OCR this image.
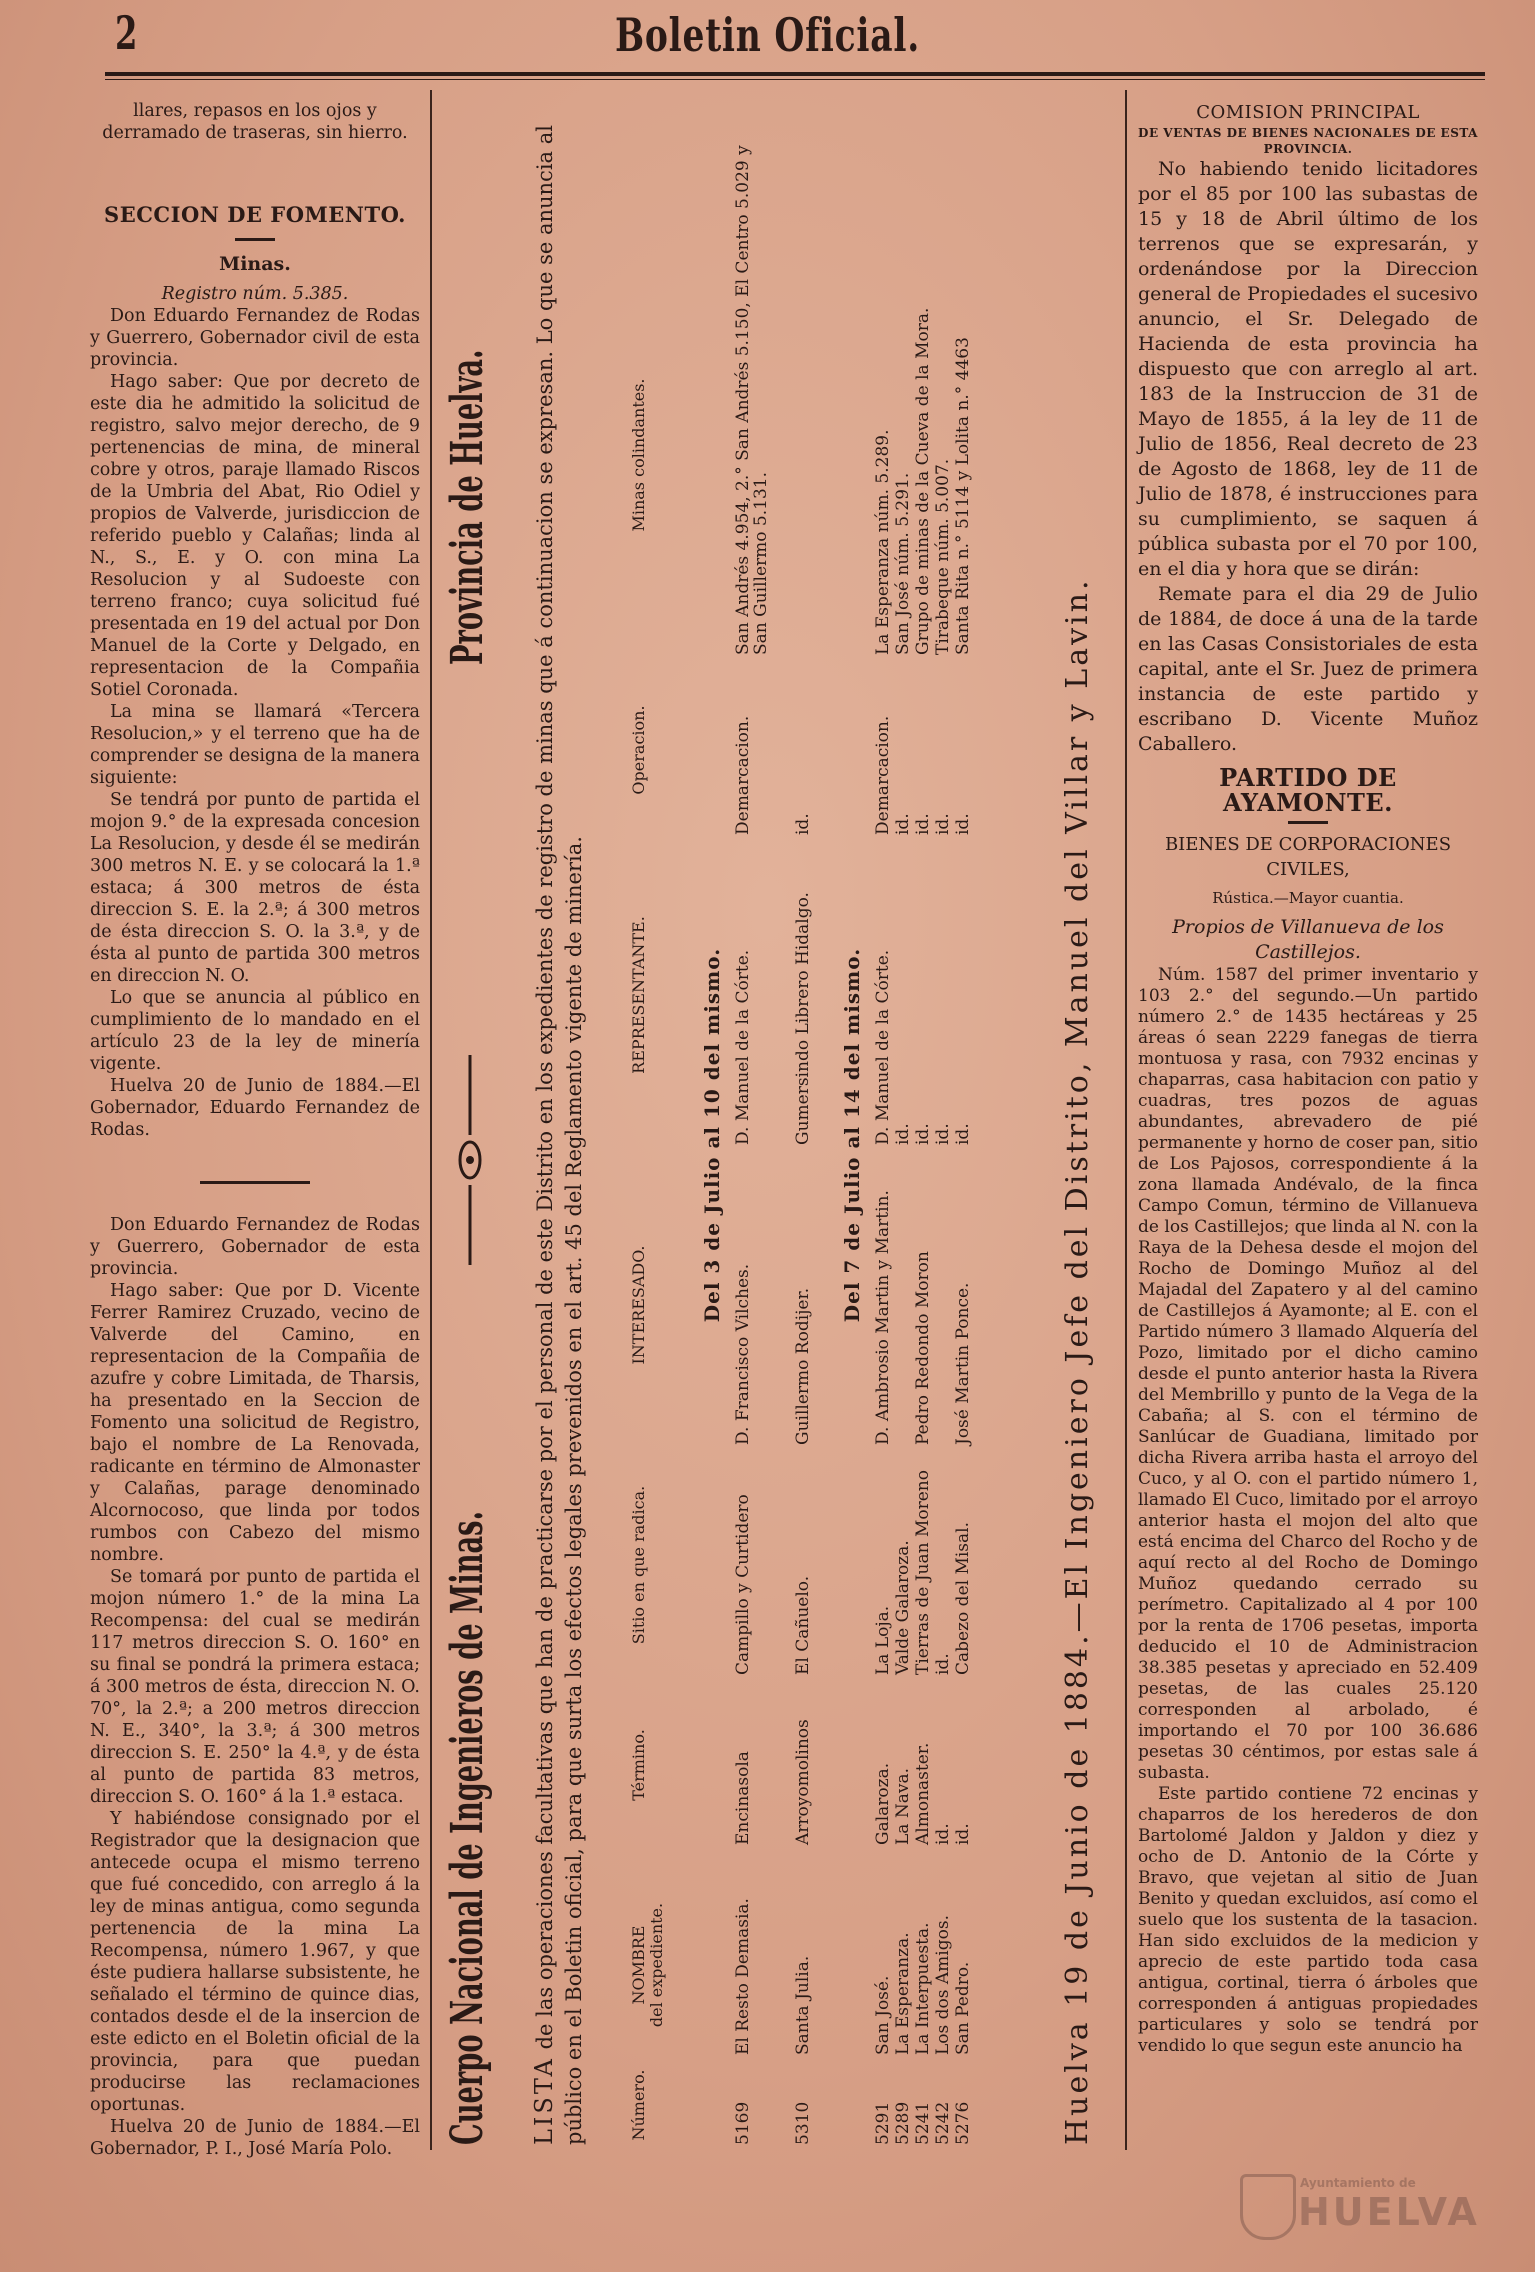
2	Boletin Oficial.

llares, repasos en los ojos y derramado de traseras, sin hierro.

SECCION DE FOMENTO.
Minas.
Registro núm. 5.385.

Don Eduardo Fernandez de Rodas y Guerrero, Gobernador civil de esta provincia.

Hago saber: Que por decreto de este dia he admitido la solicitud de registro, salvo mejor derecho, de 9 pertenencias de mina, de mineral cobre y otros, paraje llamado Riscos de la Umbria del Abat, Rio Odiel y propios de Valverde, jurisdiccion de referido pueblo y Calañas; linda al N., S., E. y O. con mina La Resolucion y al Sudoeste con terreno franco; cuya solicitud fué presentada en 19 del actual por Don Manuel de la Corte y Delgado, en representacion de la Compañia Sotiel Coronada.

La mina se llamará «Tercera Resolucion,» y el terreno que ha de comprender se designa de la manera siguiente:

Se tendrá por punto de partida el mojon 9.° de la expresada concesion La Resolucion, y desde él se medirán 300 metros N. E. y se colocará la 1.ª estaca; á 300 metros de ésta direccion S. E. la 2.ª; á 300 metros de ésta direccion S. O. la 3.ª, y de ésta al punto de partida 300 metros en direccion N. O.

Lo que se anuncia al público en cumplimiento de lo mandado en el artículo 23 de la ley de minería vigente.

Huelva 20 de Junio de 1884.—El Gobernador, Eduardo Fernandez de Rodas.

Don Eduardo Fernandez de Rodas y Guerrero, Gobernador de esta provincia.

Hago saber: Que por D. Vicente Ferrer Ramirez Cruzado, vecino de Valverde del Camino, en representacion de la Compañia de azufre y cobre Limitada, de Tharsis, ha presentado en la Seccion de Fomento una solicitud de Registro, bajo el nombre de La Renovada, radicante en término de Almonaster y Calañas, parage denominado Alcornocoso, que linda por todos rumbos con Cabezo del mismo nombre.

Se tomará por punto de partida el mojon número 1.° de la mina La Recompensa: del cual se medirán 117 metros direccion S. O. 160° en su final se pondrá la primera estaca; á 300 metros de ésta, direccion N. O. 70°, la 2.ª; a 200 metros direccion N. E., 340°, la 3.ª; á 300 metros direccion S. E. 250° la 4.ª, y de ésta al punto de partida 83 metros, direccion S. O. 160° á la 1.ª estaca.

Y habiéndose consignado por el Registrador que la designacion que antecede ocupa el mismo terreno que fué concedido, con arreglo á la ley de minas antigua, como segunda pertenencia de la mina La Recompensa, número 1.967, y que éste pudiera hallarse subsistente, he señalado el término de quince dias, contados desde el de la insercion de este edicto en el Boletin oficial de la provincia, para que puedan producirse las reclamaciones oportunas.

Huelva 20 de Junio de 1884.—El Gobernador, P. I., José María Polo.

Cuerpo Nacional de Ingenieros de Minas.
Provincia de Huelva.
LISTA de las operaciones facultativas que han de practicarse por el personal de este Distrito en los expedientes de registro de minas que á continuacion se expresan. Lo que se anuncia al público en el Boletin oficial, para que surta los efectos legales prevenidos en el art. 45 del Reglamento vigente de minería.	Número.
NOMBRE
del expediente.
Término.
Sitio en que radica.
INTERESADO.
REPRESENTANTE.
Operacion.
Minas colindantes.
Del 3 de Julio al 10 del mismo.
5169
El Resto Demasia.
Encinasola
Campillo y Curtidero
D. Francisco Vilches.
D. Manuel de la Córte.
Demarcacion.
San Andrés 4.954, 2.° San Andrés 5.150, El Centro 5.029 y San Guillermo 5.131.
5310
Santa Julia.
Arroyomolinos
El Cañuelo.
Guillermo Rodijer.
Gumersindo Librero Hidalgo.
id.
Del 7 de Julio al 14 del mismo.
5291
San José.
Galaroza.
La Loja.
D. Ambrosio Martin y Martin.
D. Manuel de la Córte.
Demarcacion.
La Esperanza núm. 5.289.
5289
La Esperanza.
La Nava.
Valde Galaroza.
id.
id.
San José núm. 5.291.
5241
La Interpuesta.
Almonaster.
Tierras de Juan Moreno
Pedro Redondo Moron
id.
id.
Grupo de minas de la Cueva de la Mora.
5242
Los dos Amigos.
id.
id.
id.
id.
Tirabeque núm. 5.007.
5276
San Pedro.
id.
Cabezo del Misal.
José Martin Ponce.
id.
id.
Santa Rita n.° 5114 y Lolita n.° 4463
Huelva 19 de Junio de 1884.—El Ingeniero Jefe del Distrito, Manuel del Villar y Lavin.
COMISION PRINCIPAL
DE VENTAS DE BIENES NACIONALES DE ESTA PROVINCIA.

No habiendo tenido licitadores por el 85 por 100 las subastas de 15 y 18 de Abril último de los terrenos que se expresarán, y ordenándose por la Direccion general de Propiedades el sucesivo anuncio, el Sr. Delegado de Hacienda de esta provincia ha dispuesto que con arreglo al art. 183 de la Instruccion de 31 de Mayo de 1855, á la ley de 11 de Julio de 1856, Real decreto de 23 de Agosto de 1868, ley de 11 de Julio de 1878, é instrucciones para su cumplimiento, se saquen á pública subasta por el 70 por 100, en el dia y hora que se dirán:

Remate para el dia 29 de Julio de 1884, de doce á una de la tarde en las Casas Consistoriales de esta capital, ante el Sr. Juez de primera instancia de este partido y escribano D. Vicente Muñoz Caballero.

PARTIDO DE AYAMONTE.
BIENES DE CORPORACIONES CIVILES,
Rústica.—Mayor cuantia.
Propios de Villanueva de los Castillejos.

Núm. 1587 del primer inventario y 103 2.° del segundo.—Un partido número 2.° de 1435 hectáreas y 25 áreas ó sean 2229 fanegas de tierra montuosa y rasa, con 7932 encinas y chaparras, casa habitacion con patio y cuadras, tres pozos de aguas abundantes, abrevadero de pié permanente y horno de coser pan, sitio de Los Pajosos, correspondiente á la zona llamada Andévalo, de la finca Campo Comun, término de Villanueva de los Castillejos; que linda al N. con la Raya de la Dehesa desde el mojon del Rocho de Domingo Muñoz al del Majadal del Zapatero y al del camino de Castillejos á Ayamonte; al E. con el Partido número 3 llamado Alquería del Pozo, limitado por el dicho camino desde el punto anterior hasta la Rivera del Membrillo y punto de la Vega de la Cabaña; al S. con el término de Sanlúcar de Guadiana, limitado por dicha Rivera arriba hasta el arroyo del Cuco, y al O. con el partido número 1, llamado El Cuco, limitado por el arroyo anterior hasta el mojon del alto que está encima del Charco del Rocho y de aquí recto al del Rocho de Domingo Muñoz quedando cerrado su perímetro. Capitalizado al 4 por 100 por la renta de 1706 pesetas, importa deducido el 10 de Administracion 38.385 pesetas y apreciado en 52.409 pesetas, de las cuales 25.120 corresponden al arbolado, é importando el 70 por 100 36.686 pesetas 30 céntimos, por estas sale á subasta.

Este partido contiene 72 encinas y chaparros de los herederos de don Bartolomé Jaldon y Jaldon y diez y ocho de D. Antonio de la Córte y Bravo, que vejetan al sitio de Juan Benito y quedan excluidos, así como el suelo que los sustenta de la tasacion. Han sido excluidos de la medicion y aprecio de este partido toda casa antigua, cortinal, tierra ó árboles que corresponden á antiguas propiedades particulares y solo se tendrá por vendido lo que segun este anuncio ha

Ayuntamiento de
HUELVA
